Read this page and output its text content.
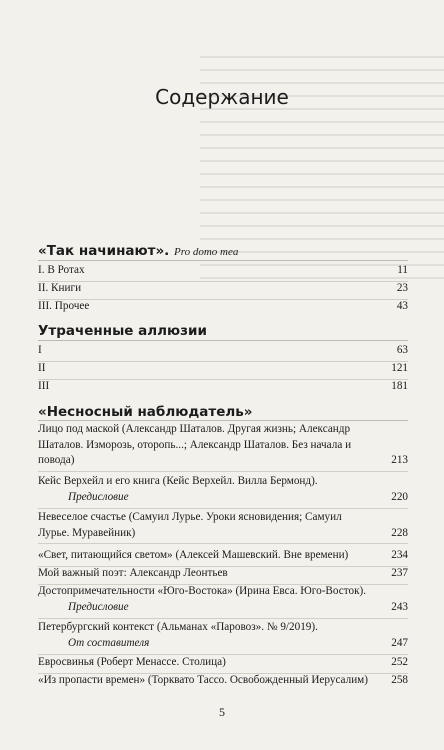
Содержание
«Так начинают». Pro domo mea
I. В Ротах	11
II. Книги	23
III. Прочее	43
Утраченные аллюзии
I	63
II	121
III	181
«Несносный наблюдатель»
Лицо под маской (Александр Шаталов. Другая жизнь; Александр Шаталов. Изморозь, оторопь...; Александр Шаталов. Без начала и повода)	213
Кейс Верхейл и его книга (Кейс Верхейл. Вилла Бермонд).
Предисловие	220
Невеселое счастье (Самуил Лурье. Уроки ясновидения; Самуил Лурье. Муравейник)	228
«Свет, питающийся светом» (Алексей Машевский. Вне времени)	234
Мой важный поэт: Александр Леонтьев	237
Достопримечательности «Юго-Востока» (Ирина Евса. Юго-Восток).
Предисловие	243
Петербургский контекст (Альманах «Паровоз». № 9/2019).
От составителя	247
Евросвинья (Роберт Менассе. Столица)	252
«Из пропасти времен» (Торквато Тассо. Освобожденный Иерусалим)	258
5
